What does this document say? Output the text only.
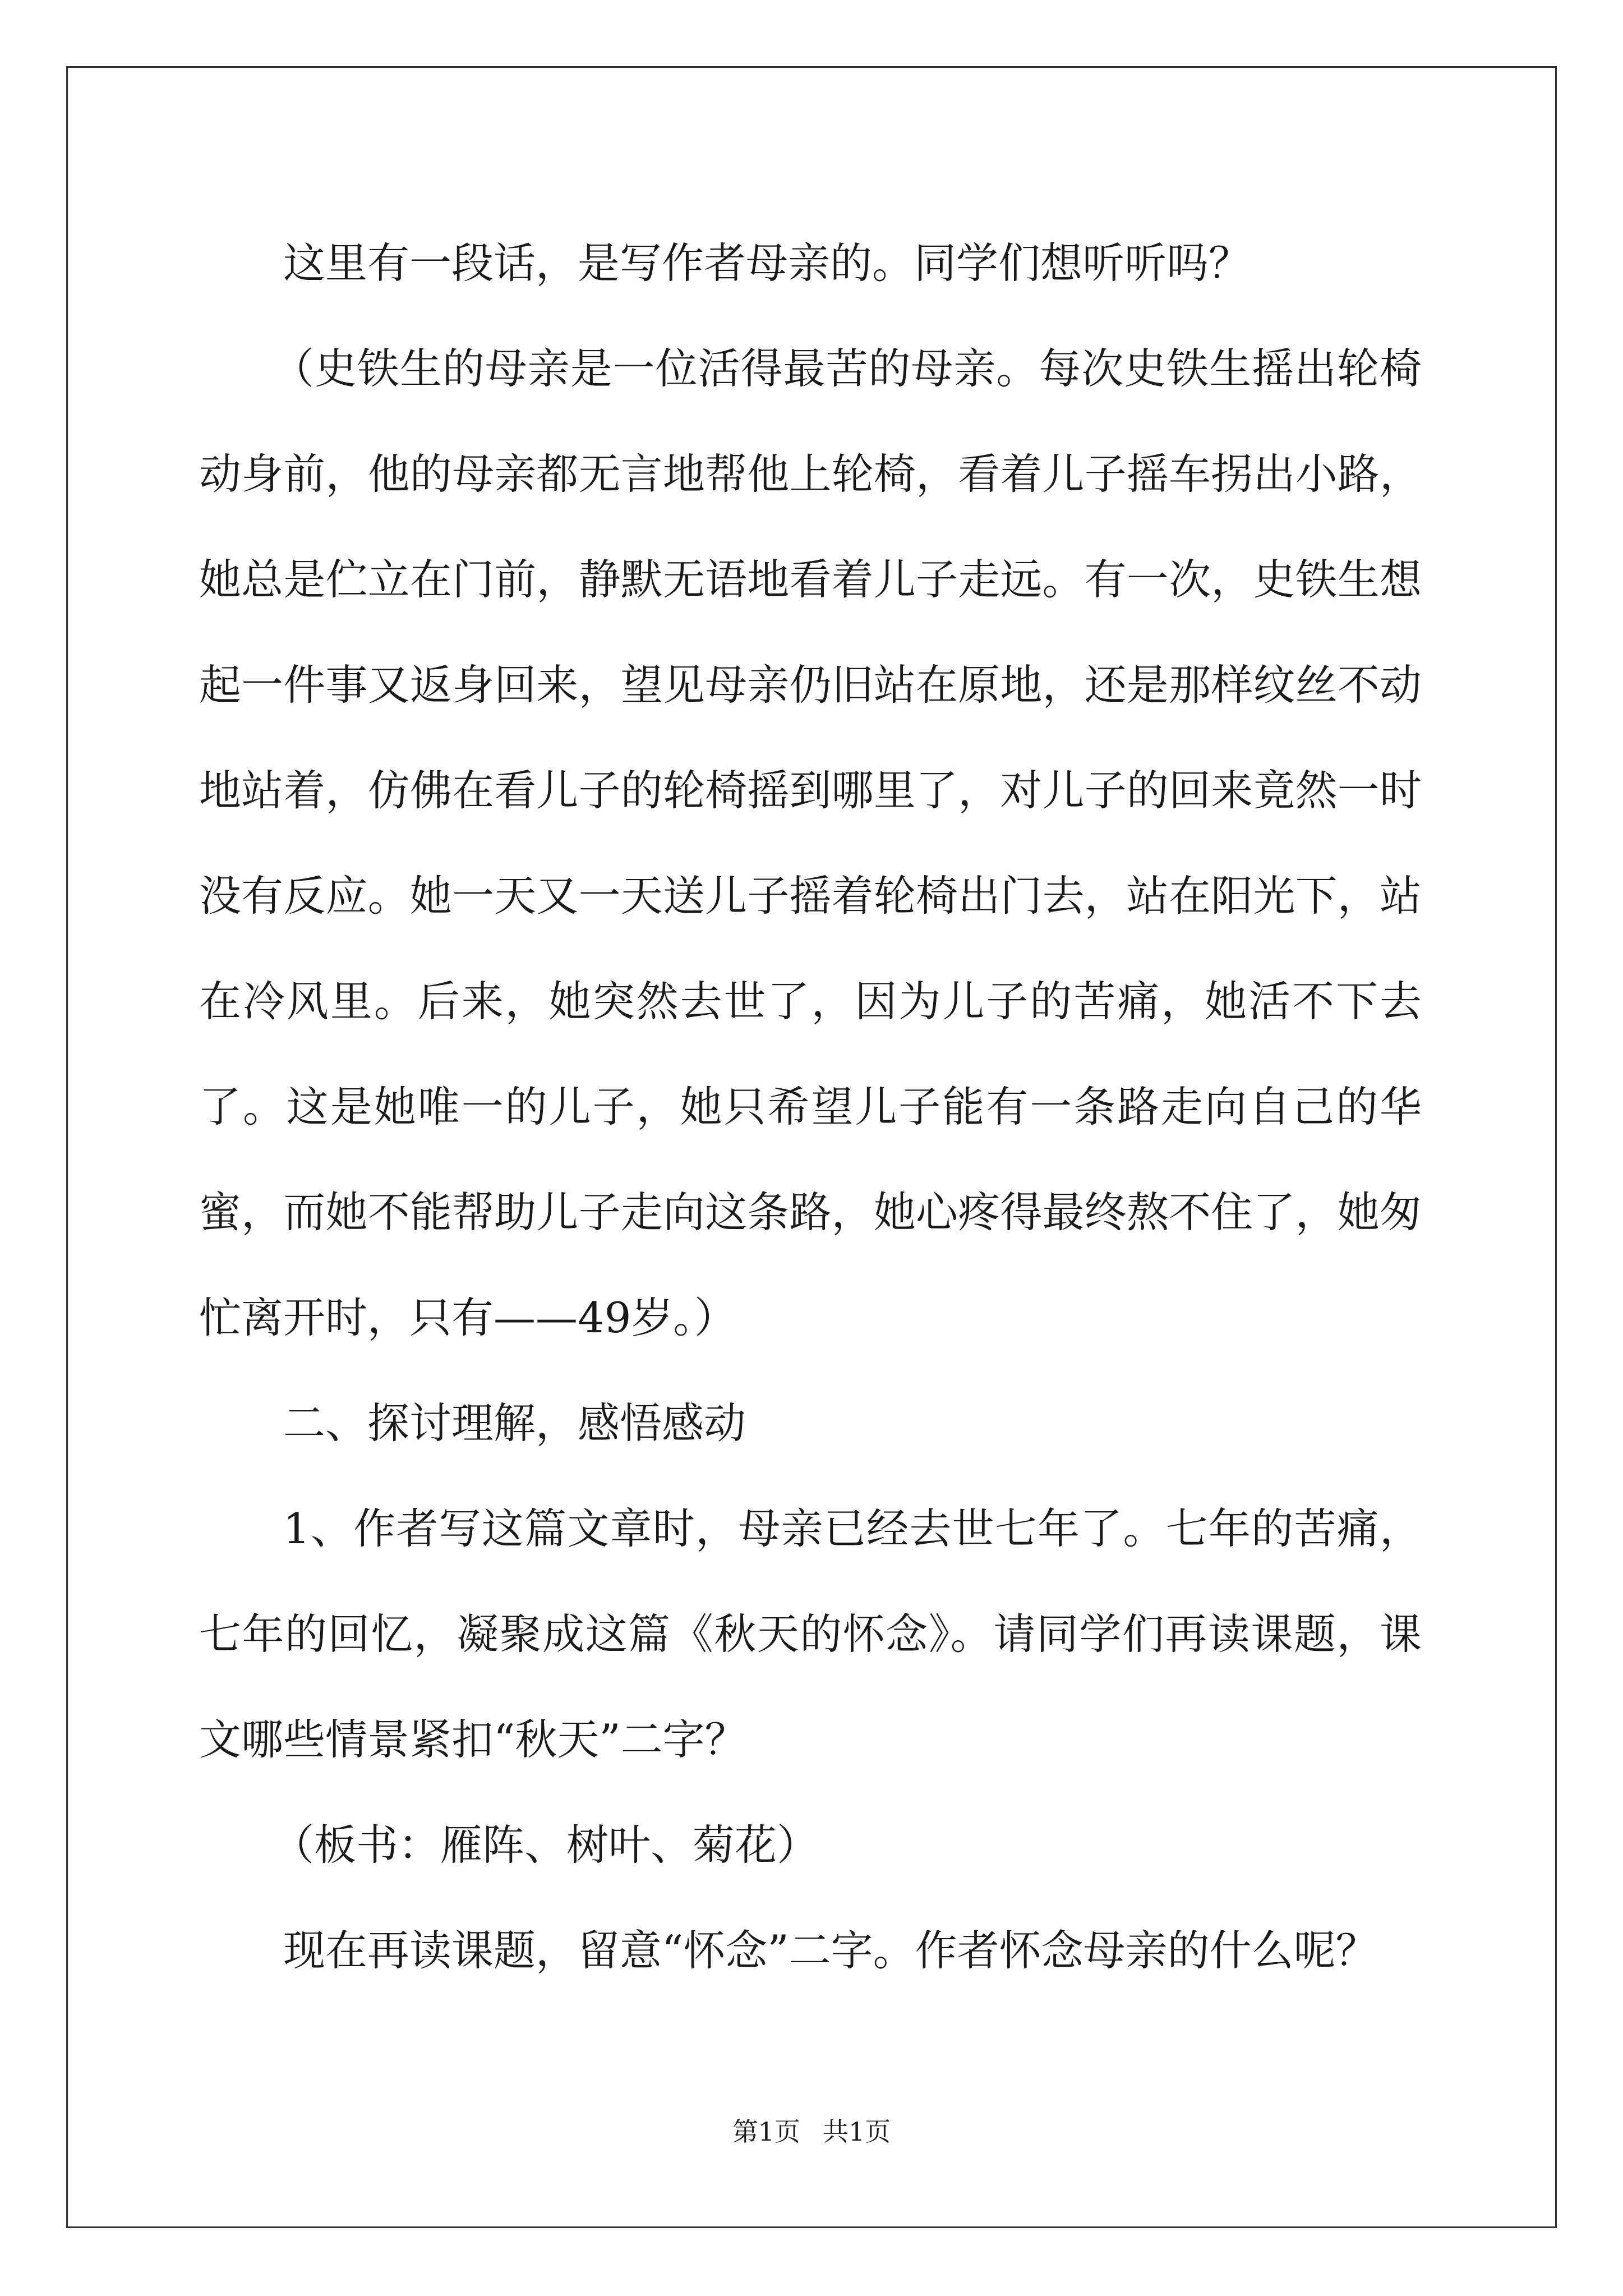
这里有一段话，是写作者母亲的。同学们想听听吗？

（史铁生的母亲是一位活得最苦的母亲。每次史铁生摇出轮椅动身前，他的母亲都无言地帮他上轮椅，看着儿子摇车拐出小路，她总是伫立在门前，静默无语地看着儿子走远。有一次，史铁生想起一件事又返身回来，望见母亲仍旧站在原地，还是那样纹丝不动地站着，仿佛在看儿子的轮椅摇到哪里了，对儿子的回来竟然一时没有反应。她一天又一天送儿子摇着轮椅出门去，站在阳光下，站在冷风里。后来，她突然去世了，因为儿子的苦痛，她活不下去了。这是她唯一的儿子，她只希望儿子能有一条路走向自己的华蜜，而她不能帮助儿子走向这条路，她心疼得最终熬不住了，她匆忙离开时，只有——49岁。）

二、探讨理解，感悟感动

1、作者写这篇文章时，母亲已经去世七年了。七年的苦痛，七年的回忆，凝聚成这篇《秋天的怀念》。请同学们再读课题，课文哪些情景紧扣“秋天”二字？

（板书：雁阵、树叶、菊花）

现在再读课题，留意“怀念”二字。作者怀念母亲的什么呢？

第1页 共1页
